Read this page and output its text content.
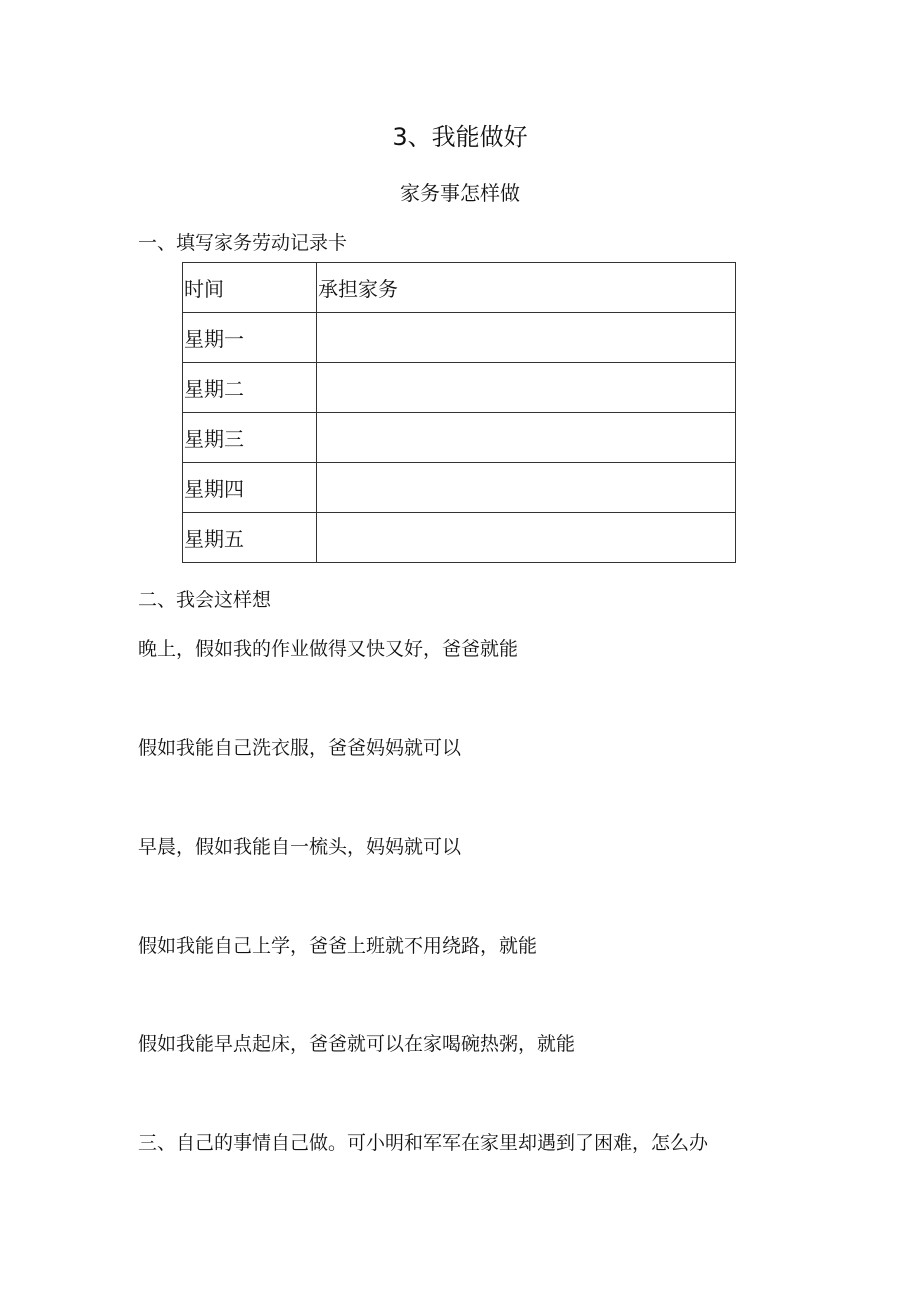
3、我能做好
家务事怎样做
一、填写家务劳动记录卡
时间	承担家务
星期一	
星期二	
星期三	
星期四	
星期五	
二、我会这样想
晚上，假如我的作业做得又快又好，爸爸就能
假如我能自己洗衣服，爸爸妈妈就可以
早晨，假如我能自一梳头，妈妈就可以
假如我能自己上学，爸爸上班就不用绕路，就能
假如我能早点起床，爸爸就可以在家喝碗热粥，就能
三、自己的事情自己做。可小明和军军在家里却遇到了困难，怎么办
